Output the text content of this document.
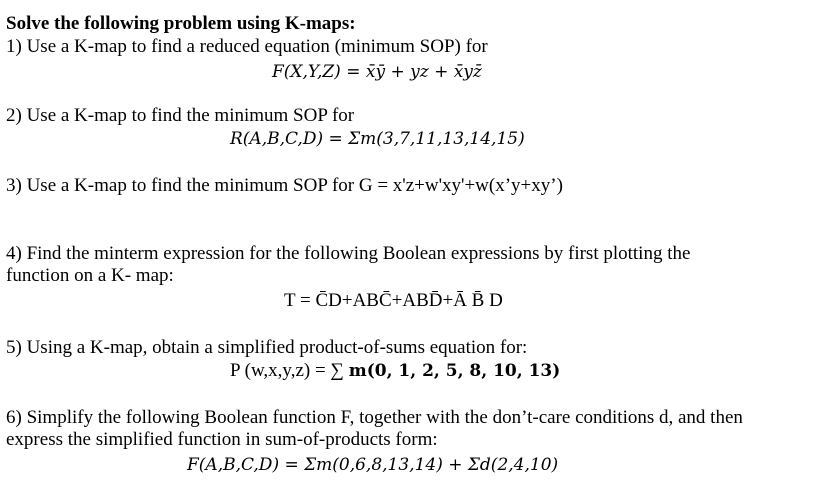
Solve the following problem using K-maps:
1) Use a K-map to find a reduced equation (minimum SOP) for
F(X,Y,Z) = x̄ȳ + yz + x̄yz̄
2) Use a K-map to find the minimum SOP for
R(A,B,C,D) = Σm(3,7,11,13,14,15)
3) Use a K-map to find the minimum SOP for G = x'z+w'xy'+w(x’y+xy’)
4) Find the minterm expression for the following Boolean expressions by first plotting the
function on a K- map:
T = C̄D+ABC̄+ABD̄+Ā B̄ D
5) Using a K-map, obtain a simplified product-of-sums equation for:
P (w,x,y,z) = ∑ m(0, 1, 2, 5, 8, 10, 13)
6) Simplify the following Boolean function F, together with the don’t-care conditions d, and then
express the simplified function in sum-of-products form:
F(A,B,C,D) = Σm(0,6,8,13,14) + Σd(2,4,10)
